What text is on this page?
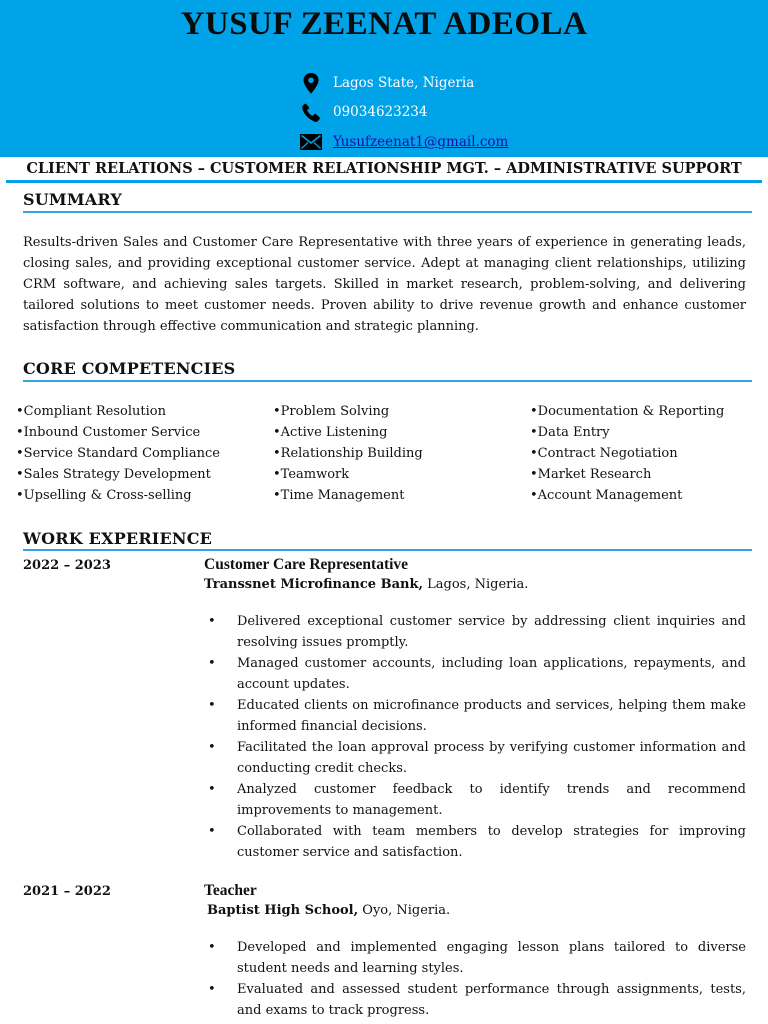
YUSUF ZEENAT ADEOLA
Lagos State, Nigeria
09034623234
Yusufzeenat1@gmail.com
CLIENT RELATIONS – CUSTOMER RELATIONSHIP MGT. – ADMINISTRATIVE SUPPORT
SUMMARY

Results-driven Sales and Customer Care Representative with three years of experience in generating leads, closing sales, and providing exceptional customer service. Adept at managing client relationships, utilizing CRM software, and achieving sales targets. Skilled in market research, problem-solving, and delivering tailored solutions to meet customer needs. Proven ability to drive revenue growth and enhance customer satisfaction through effective communication and strategic planning.

CORE COMPETENCIES
• Compliant Resolution
• Inbound Customer Service
• Service Standard Compliance
• Sales Strategy Development
• Upselling & Cross-selling
• Problem Solving
• Active Listening
• Relationship Building
• Teamwork
• Time Management
• Documentation & Reporting
• Data Entry
• Contract Negotiation
• Market Research
• Account Management
WORK EXPERIENCE
2022 – 2023	Customer Care Representative
Transsnet Microfinance Bank, Lagos, Nigeria.
• Delivered exceptional customer service by addressing client inquiries and resolving issues promptly.
• Managed customer accounts, including loan applications, repayments, and account updates.
• Educated clients on microfinance products and services, helping them make informed financial decisions.
• Facilitated the loan approval process by verifying customer information and conducting credit checks.
• Analyzed customer feedback to identify trends and recommend improvements to management.
• Collaborated with team members to develop strategies for improving customer service and satisfaction.
2021 – 2022	Teacher
Baptist High School, Oyo, Nigeria.
• Developed and implemented engaging lesson plans tailored to diverse student needs and learning styles.
• Evaluated and assessed student performance through assignments, tests, and exams to track progress.
